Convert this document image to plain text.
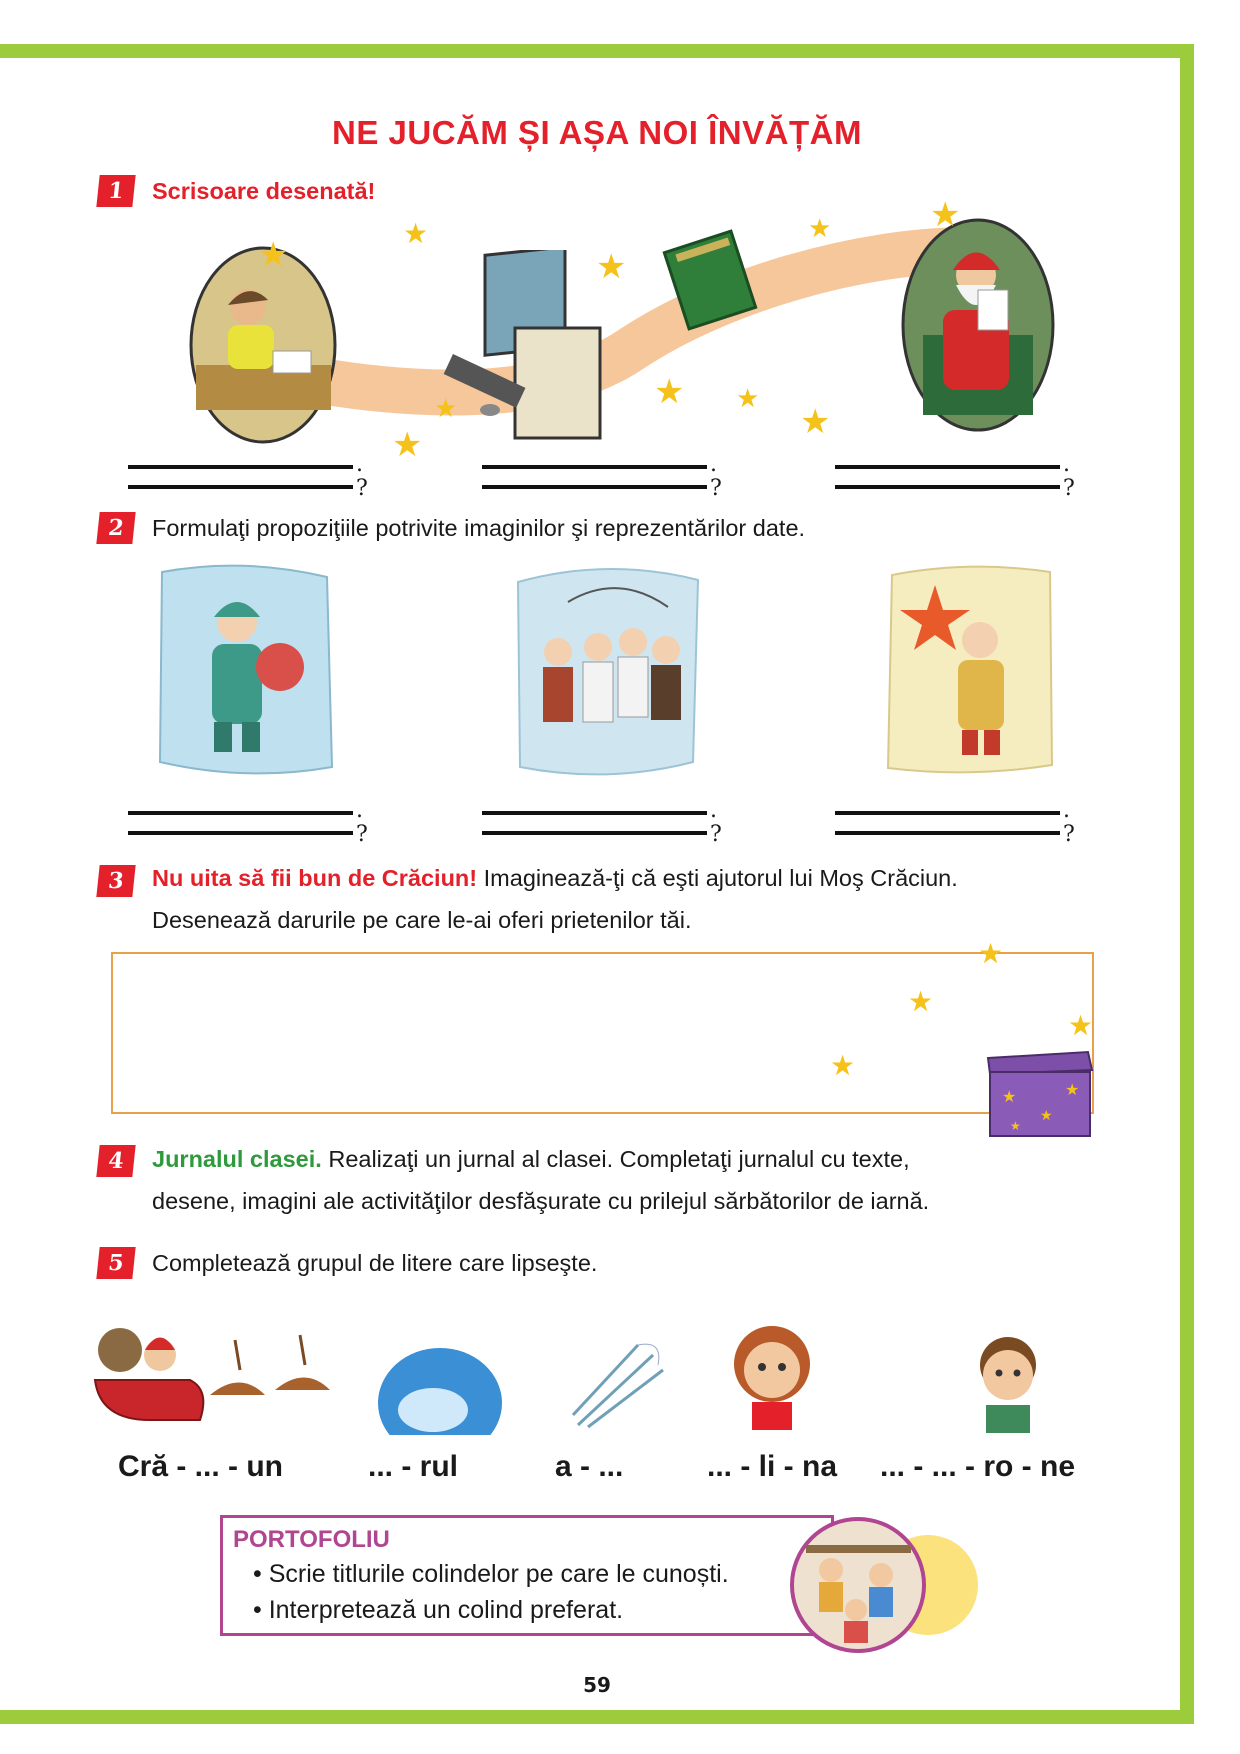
NE JUCĂM ȘI AȘA NOI ÎNVĂȚĂM
1	Scrisoare desenată!
★
★
★
★	★
★ ★
★
★
★
.
?
.
?
.
?
2	Formulaţi propoziţiile potrivite imaginilor şi reprezentărilor date.
.
?
.
?
.
?
3	Nu uita să fii bun de Crăciun! Imaginează-ţi că eşti ajutorul lui Moş Crăciun.
Desenează darurile pe care le-ai oferi prietenilor tăi.
★
★
★
★
★
★
★
★
4	Jurnalul clasei. Realizaţi un jurnal al clasei. Completaţi jurnalul cu texte,
desene, imagini ale activităţilor desfăşurate cu prilejul sărbătorilor de iarnă.
5	Completează grupul de litere care lipseşte.
Cră - ... - un	... - rul	a - ...	... - li - na ... - ... - ro - ne
PORTOFOLIU
• Scrie titlurile colindelor pe care le cunoști.
• Interpretează un colind preferat.
59
